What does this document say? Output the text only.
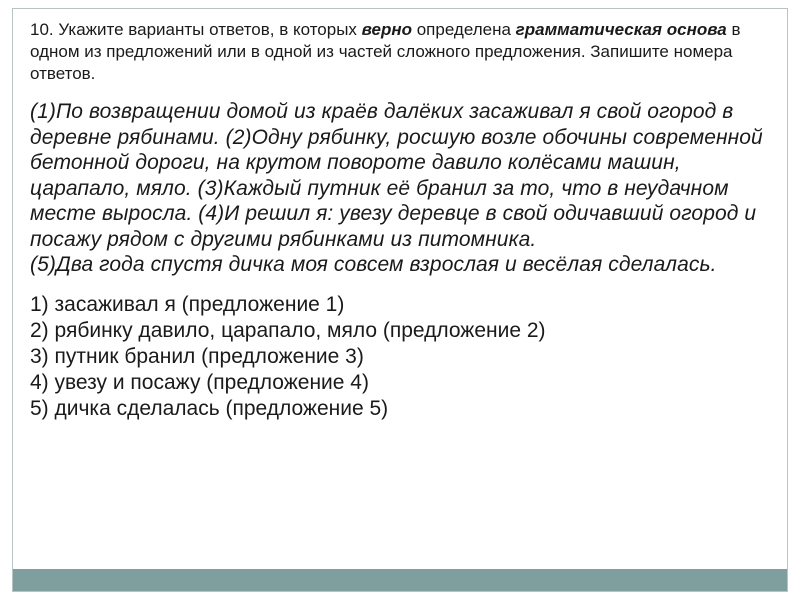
10. Укажите варианты ответов, в которых верно определена грамматическая основа в одном из предложений или в одной из частей сложного предложения. Запишите номера ответов.

(1)По возвращении домой из краёв далёких засаживал я свой огород в деревне рябинами. (2)Одну рябинку, росшую возле обочины современной бетонной дороги, на крутом повороте давило колёсами машин, царапало, мяло. (3)Каждый путник её бранил за то, что в неудачном месте выросла. (4)И решил я: увезу деревце в свой одичавший огород и посажу рядом с другими рябинками из питомника.

(5)Два года спустя дичка моя совсем взрослая и весёлая сделалась.

1) засаживал я (предложение 1)
2) рябинку давило, царапало, мяло (предложение 2)
3) путник бранил (предложение 3)
4) увезу и посажу (предложение 4)
5) дичка сделалась (предложение 5)
